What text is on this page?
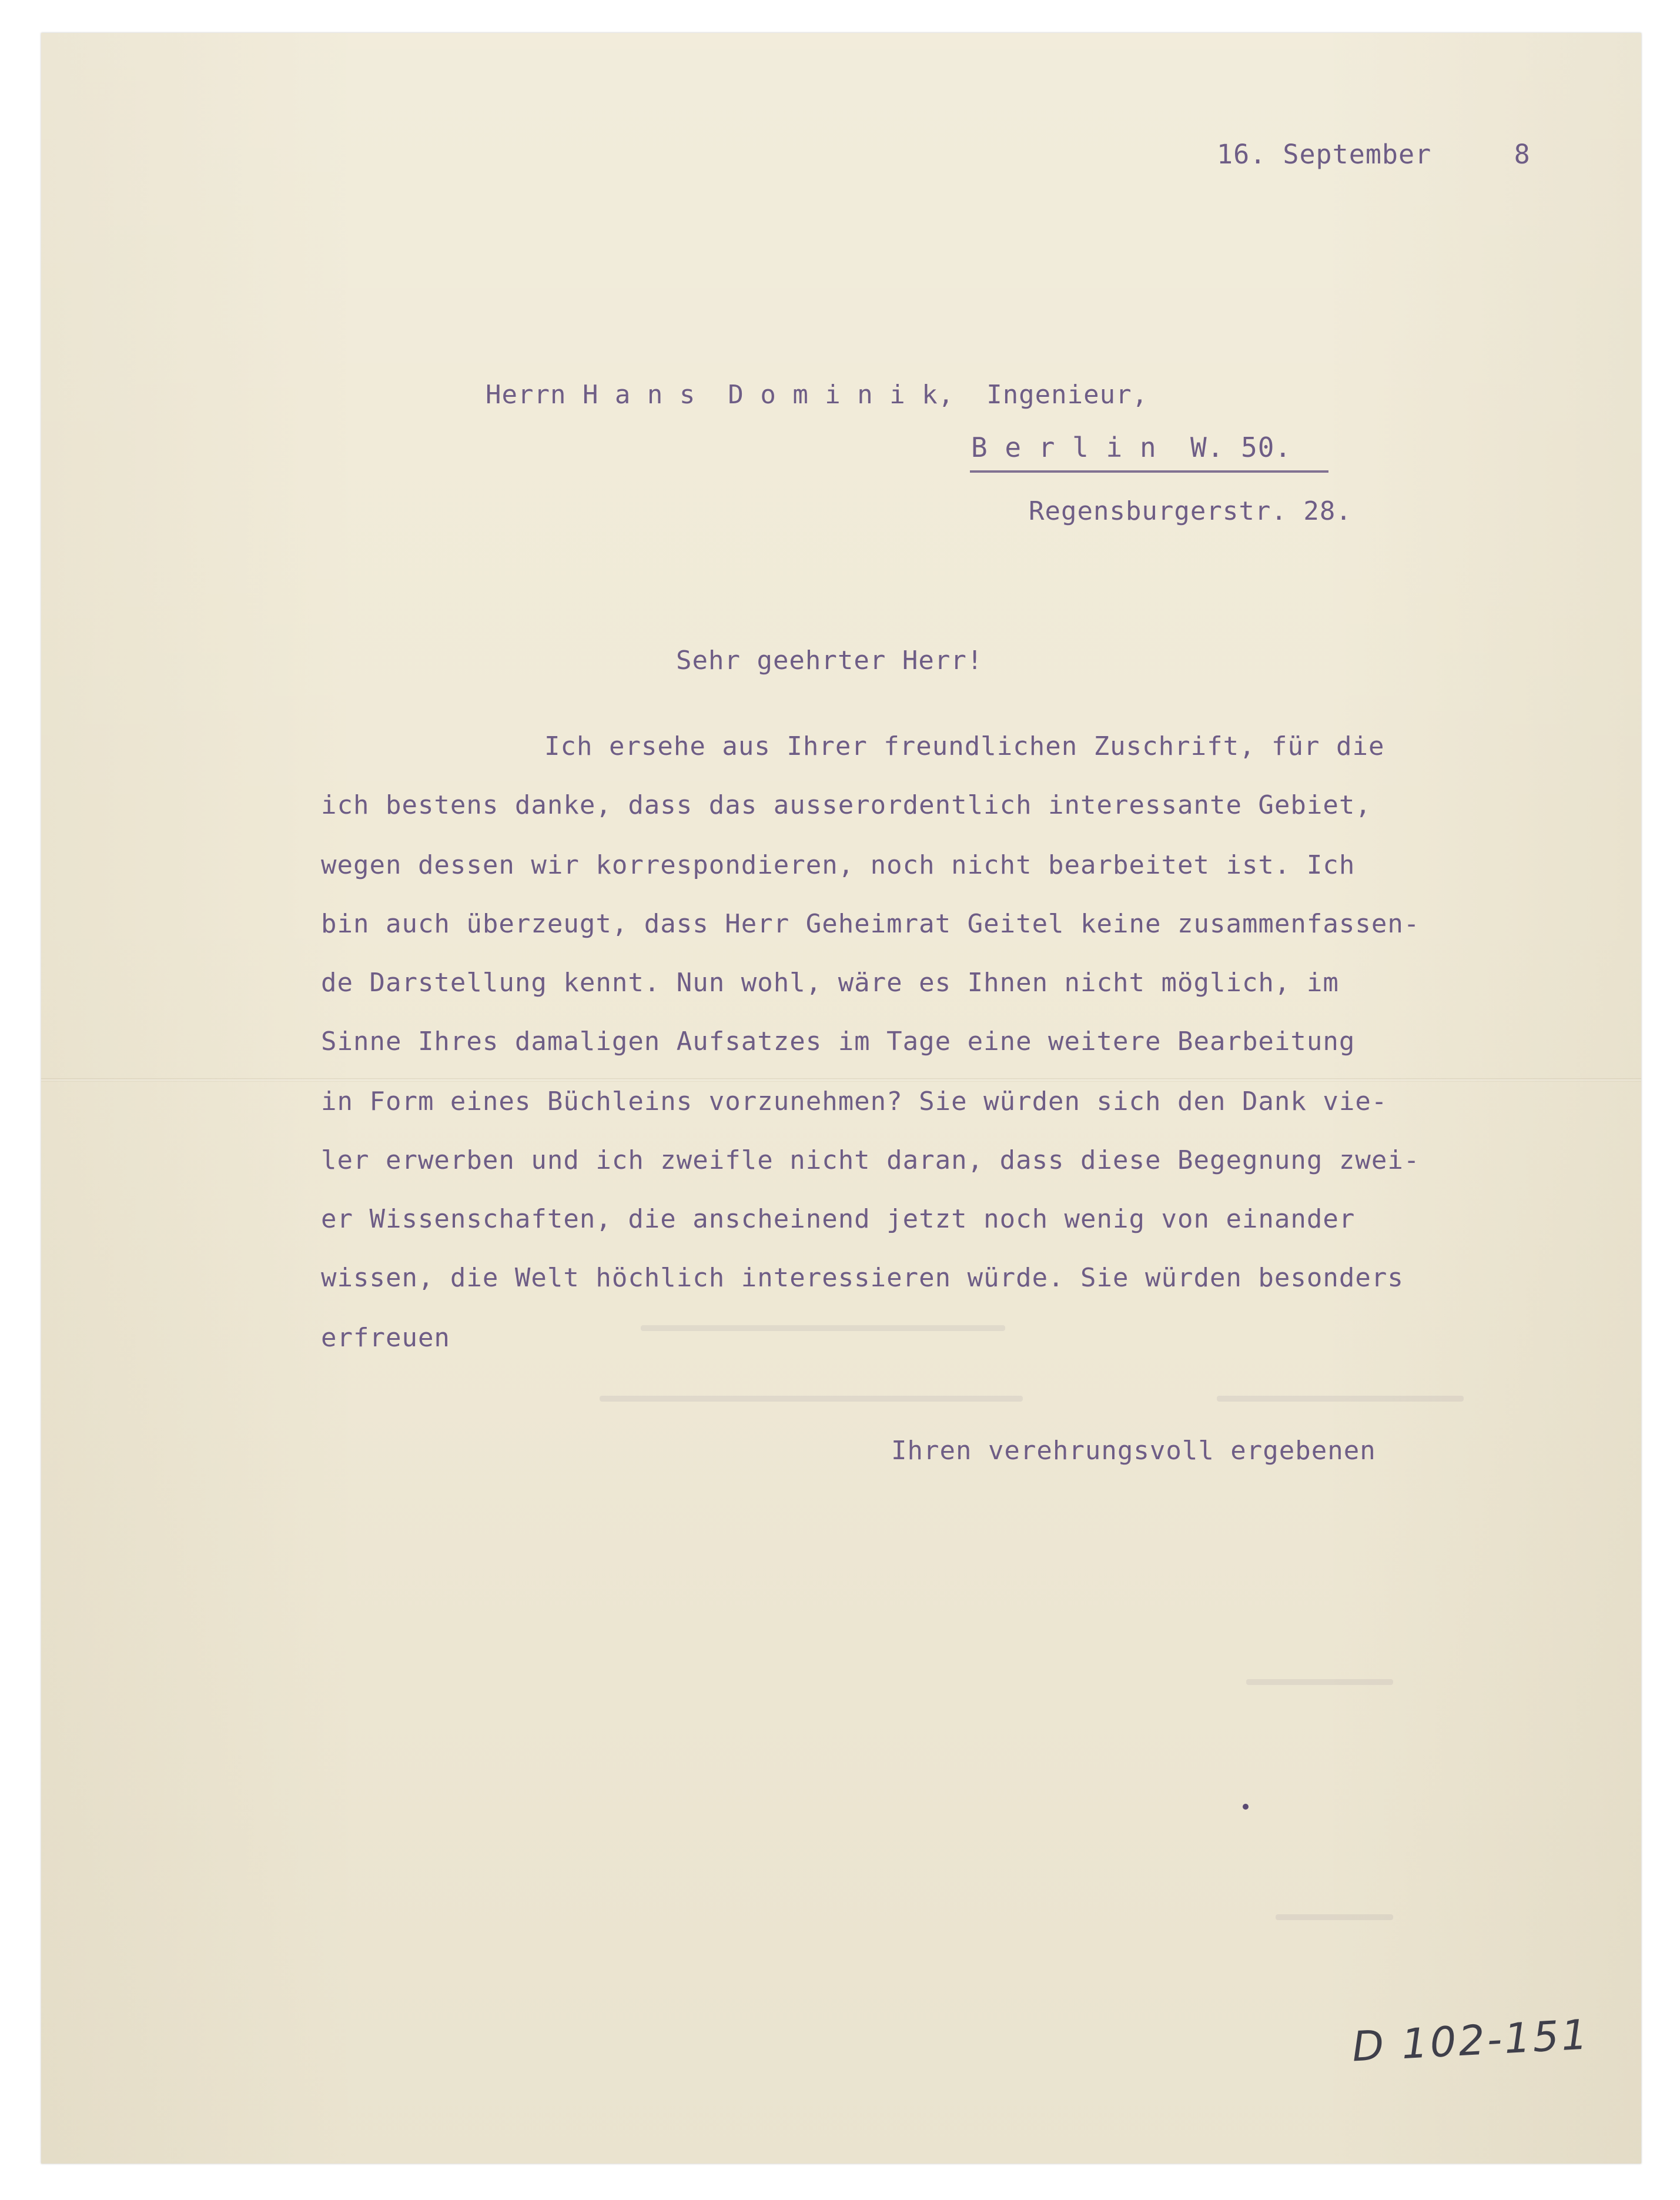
16. September     8
Herrn H a n s  D o m i n i k,  Ingenieur,
B e r l i n  W. 50.
Regensburgerstr. 28.
Sehr geehrter Herr!
Ich ersehe aus Ihrer freundlichen Zuschrift, für die
ich bestens danke, dass das ausserordentlich interessante Gebiet,
wegen dessen wir korrespondieren, noch nicht bearbeitet ist. Ich
bin auch überzeugt, dass Herr Geheimrat Geitel keine zusammenfassen-
de Darstellung kennt. Nun wohl, wäre es Ihnen nicht möglich, im
Sinne Ihres damaligen Aufsatzes im Tage eine weitere Bearbeitung
in Form eines Büchleins vorzunehmen? Sie würden sich den Dank vie-
ler erwerben und ich zweifle nicht daran, dass diese Begegnung zwei-
er Wissenschaften, die anscheinend jetzt noch wenig von einander
wissen, die Welt höchlich interessieren würde. Sie würden besonders
erfreuen
Ihren verehrungsvoll ergebenen
D 102-151
